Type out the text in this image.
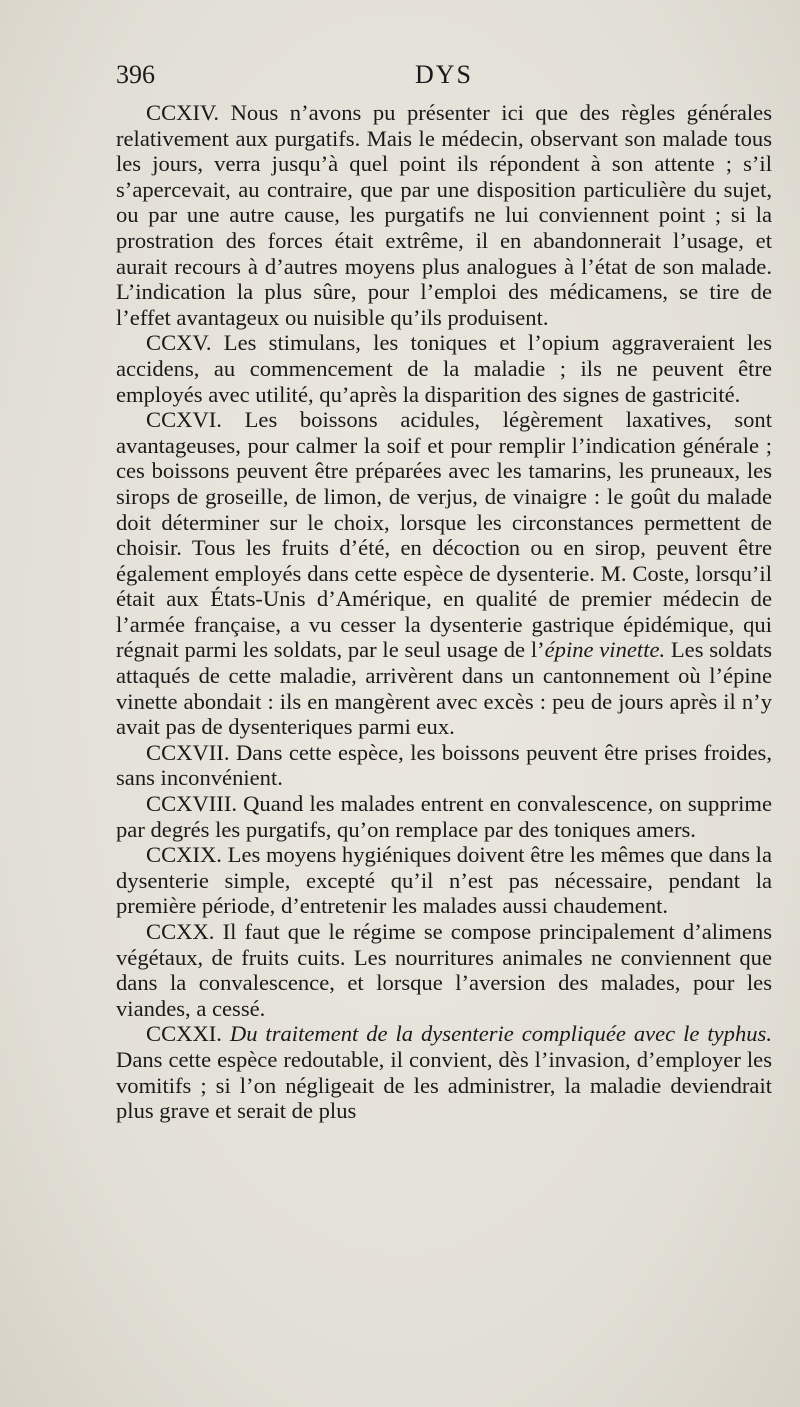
396	DYS

CCXIV. Nous n’avons pu présenter ici que des règles générales relativement aux purgatifs. Mais le médecin, observant son malade tous les jours, verra jusqu’à quel point ils répondent à son attente ; s’il s’apercevait, au contraire, que par une disposition particulière du sujet, ou par une autre cause, les purgatifs ne lui conviennent point ; si la prostration des forces était extrême, il en abandonnerait l’usage, et aurait recours à d’autres moyens plus analogues à l’état de son malade. L’indication la plus sûre, pour l’emploi des médicamens, se tire de l’effet avantageux ou nuisible qu’ils produisent.

CCXV. Les stimulans, les toniques et l’opium aggraveraient les accidens, au commencement de la maladie ; ils ne peuvent être employés avec utilité, qu’après la disparition des signes de gastricité.

CCXVI. Les boissons acidules, légèrement laxatives, sont avantageuses, pour calmer la soif et pour remplir l’indication générale ; ces boissons peuvent être préparées avec les tamarins, les pruneaux, les sirops de groseille, de limon, de verjus, de vinaigre : le goût du malade doit déterminer sur le choix, lorsque les circonstances permettent de choisir. Tous les fruits d’été, en décoction ou en sirop, peuvent être également employés dans cette espèce de dysenterie. M. Coste, lorsqu’il était aux États-Unis d’Amérique, en qualité de premier médecin de l’armée française, a vu cesser la dysenterie gastrique épidémique, qui régnait parmi les soldats, par le seul usage de l’épine vinette. Les soldats attaqués de cette maladie, arrivèrent dans un cantonnement où l’épine vinette abondait : ils en mangèrent avec excès : peu de jours après il n’y avait pas de dysenteriques parmi eux.

CCXVII. Dans cette espèce, les boissons peuvent être prises froides, sans inconvénient.

CCXVIII. Quand les malades entrent en convalescence, on supprime par degrés les purgatifs, qu’on remplace par des toniques amers.

CCXIX. Les moyens hygiéniques doivent être les mêmes que dans la dysenterie simple, excepté qu’il n’est pas nécessaire, pendant la première période, d’entretenir les malades aussi chaudement.

CCXX. Il faut que le régime se compose principalement d’alimens végétaux, de fruits cuits. Les nourritures animales ne conviennent que dans la convalescence, et lorsque l’aversion des malades, pour les viandes, a cessé.

CCXXI. Du traitement de la dysenterie compliquée avec le typhus. Dans cette espèce redoutable, il convient, dès l’invasion, d’employer les vomitifs ; si l’on négligeait de les administrer, la maladie deviendrait plus grave et serait de plus
